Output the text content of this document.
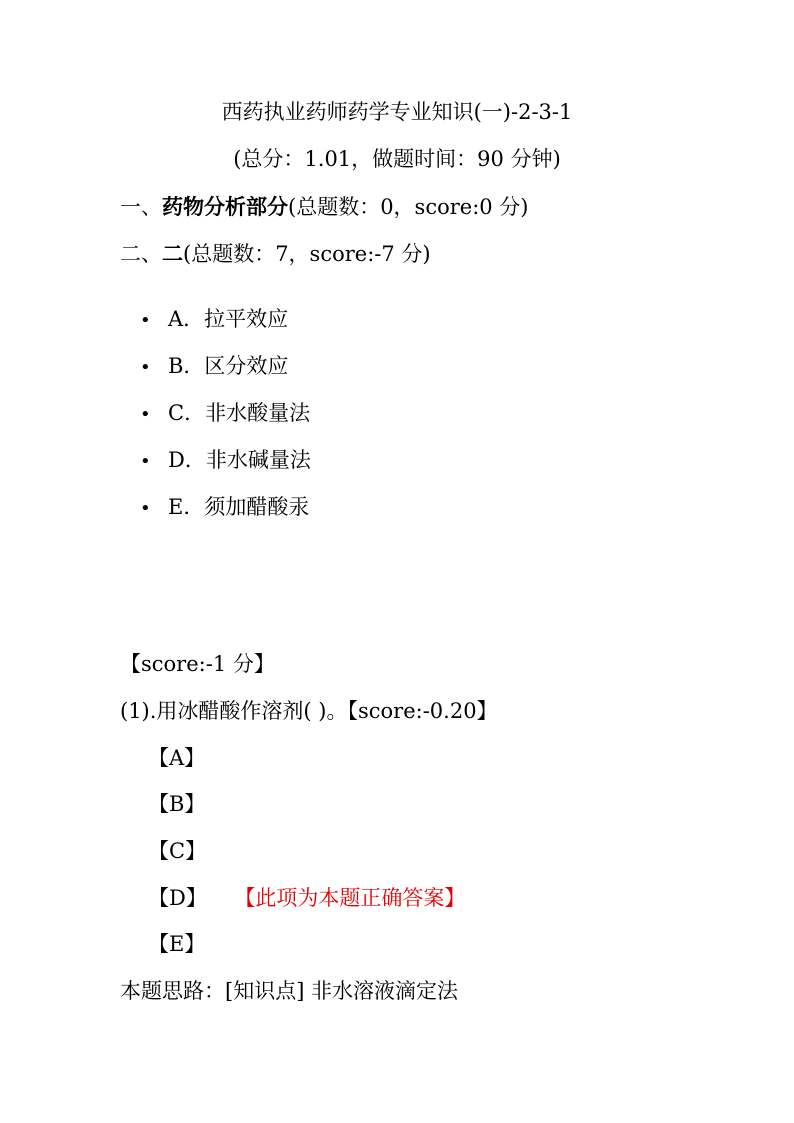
西药执业药师药学专业知识(一)-2-3-1
(总分：1.01，做题时间：90 分钟)
一、药物分析部分(总题数：0，score:0 分)
二、二(总题数：7，score:-7 分)
• A．拉平效应
• B．区分效应
• C．非水酸量法
• D．非水碱量法
• E．须加醋酸汞
【score:-1 分】
(1).用冰醋酸作溶剂( )。【score:-0.20】
【A】
【B】
【C】
【D】 【此项为本题正确答案】
【E】
本题思路：[知识点] 非水溶液滴定法
